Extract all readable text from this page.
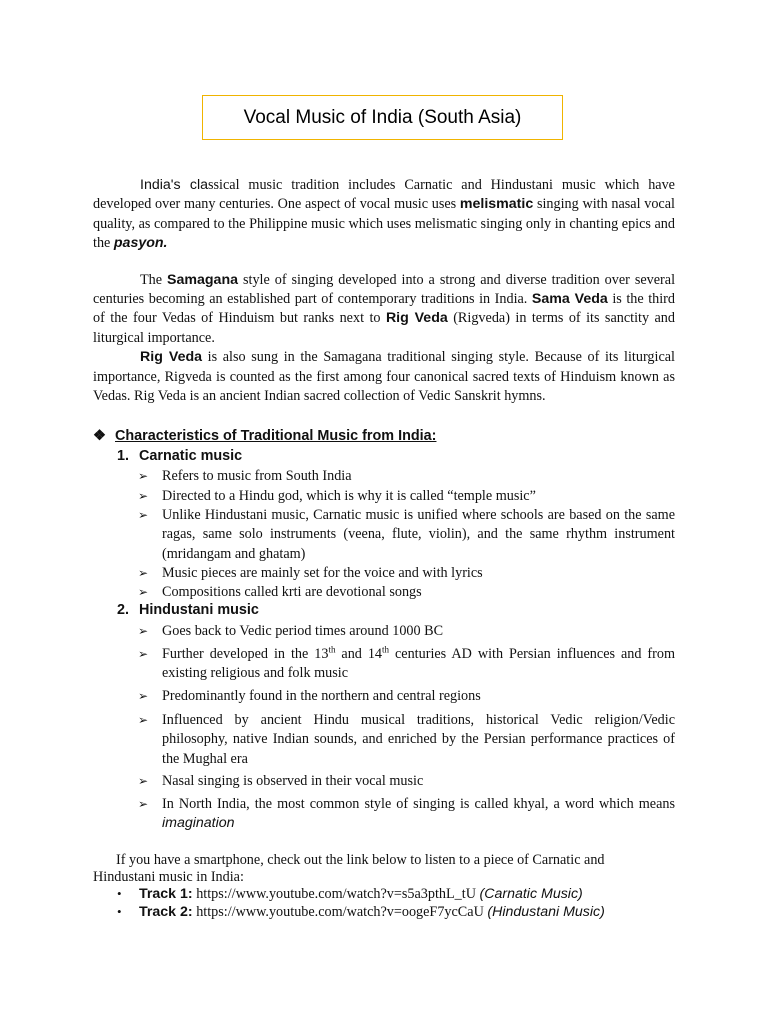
Vocal Music of India (South Asia)

India's classical music tradition includes Carnatic and Hindustani music which have developed over many centuries. One aspect of vocal music uses melismatic singing with nasal vocal quality, as compared to the Philippine music which uses melismatic singing only in chanting epics and the pasyon.

The Samagana style of singing developed into a strong and diverse tradition over several centuries becoming an established part of contemporary traditions in India. Sama Veda is the third of the four Vedas of Hinduism but ranks next to Rig Veda (Rigveda) in terms of its sanctity and liturgical importance.

Rig Veda is also sung in the Samagana traditional singing style. Because of its liturgical importance, Rigveda is counted as the first among four canonical sacred texts of Hinduism known as Vedas. Rig Veda is an ancient Indian sacred collection of Vedic Sanskrit hymns.

❖ Characteristics of Traditional Music from India:
1. Carnatic music
➢ Refers to music from South India
➢ Directed to a Hindu god, which is why it is called “temple music”
➢ Unlike Hindustani music, Carnatic music is unified where schools are based on the same ragas, same solo instruments (veena, flute, violin), and the same rhythm instrument (mridangam and ghatam)
➢ Music pieces are mainly set for the voice and with lyrics
➢ Compositions called krti are devotional songs
2. Hindustani music
➢ Goes back to Vedic period times around 1000 BC
➢ Further developed in the 13th and 14th centuries AD with Persian influences and from existing religious and folk music
➢ Predominantly found in the northern and central regions
➢ Influenced by ancient Hindu musical traditions, historical Vedic religion/Vedic philosophy, native Indian sounds, and enriched by the Persian performance practices of the Mughal era
➢ Nasal singing is observed in their vocal music
➢ In North India, the most common style of singing is called khyal, a word which means imagination
If you have a smartphone, check out the link below to listen to a piece of Carnatic and
Hindustani music in India:
• Track 1: https://www.youtube.com/watch?v=s5a3pthL_tU (Carnatic Music)
• Track 2: https://www.youtube.com/watch?v=oogeF7ycCaU (Hindustani Music)
